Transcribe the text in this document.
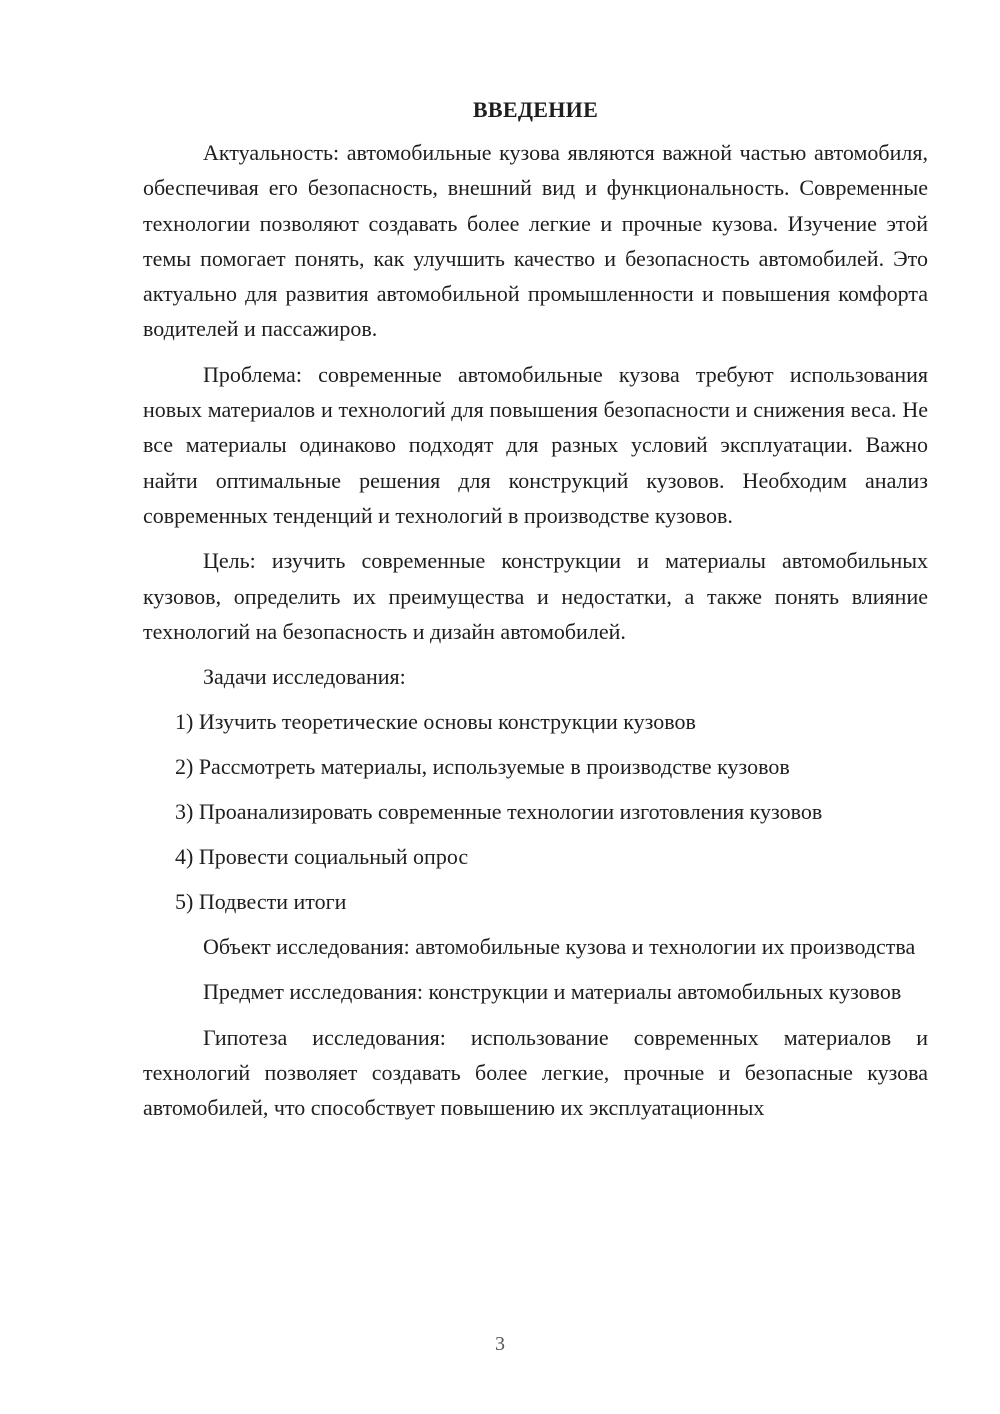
ВВЕДЕНИЕ

Актуальность: автомобильные кузова являются важной частью автомобиля, обеспечивая его безопасность, внешний вид и функциональность. Современные технологии позволяют создавать более легкие и прочные кузова. Изучение этой темы помогает понять, как улучшить качество и безопасность автомобилей. Это актуально для развития автомобильной промышленности и повышения комфорта водителей и пассажиров.

Проблема: современные автомобильные кузова требуют использования новых материалов и технологий для повышения безопасности и снижения веса. Не все материалы одинаково подходят для разных условий эксплуатации. Важно найти оптимальные решения для конструкций кузовов. Необходим анализ современных тенденций и технологий в производстве кузовов.

Цель: изучить современные конструкции и материалы автомобильных кузовов, определить их преимущества и недостатки, а также понять влияние технологий на безопасность и дизайн автомобилей.

Задачи исследования:
1) Изучить теоретические основы конструкции кузовов
2) Рассмотреть материалы, используемые в производстве кузовов
3) Проанализировать современные технологии изготовления кузовов
4) Провести социальный опрос
5) Подвести итоги

Объект исследования: автомобильные кузова и технологии их производства

Предмет исследования: конструкции и материалы автомобильных кузовов

Гипотеза исследования: использование современных материалов и технологий позволяет создавать более легкие, прочные и безопасные кузова автомобилей, что способствует повышению их эксплуатационных

3
